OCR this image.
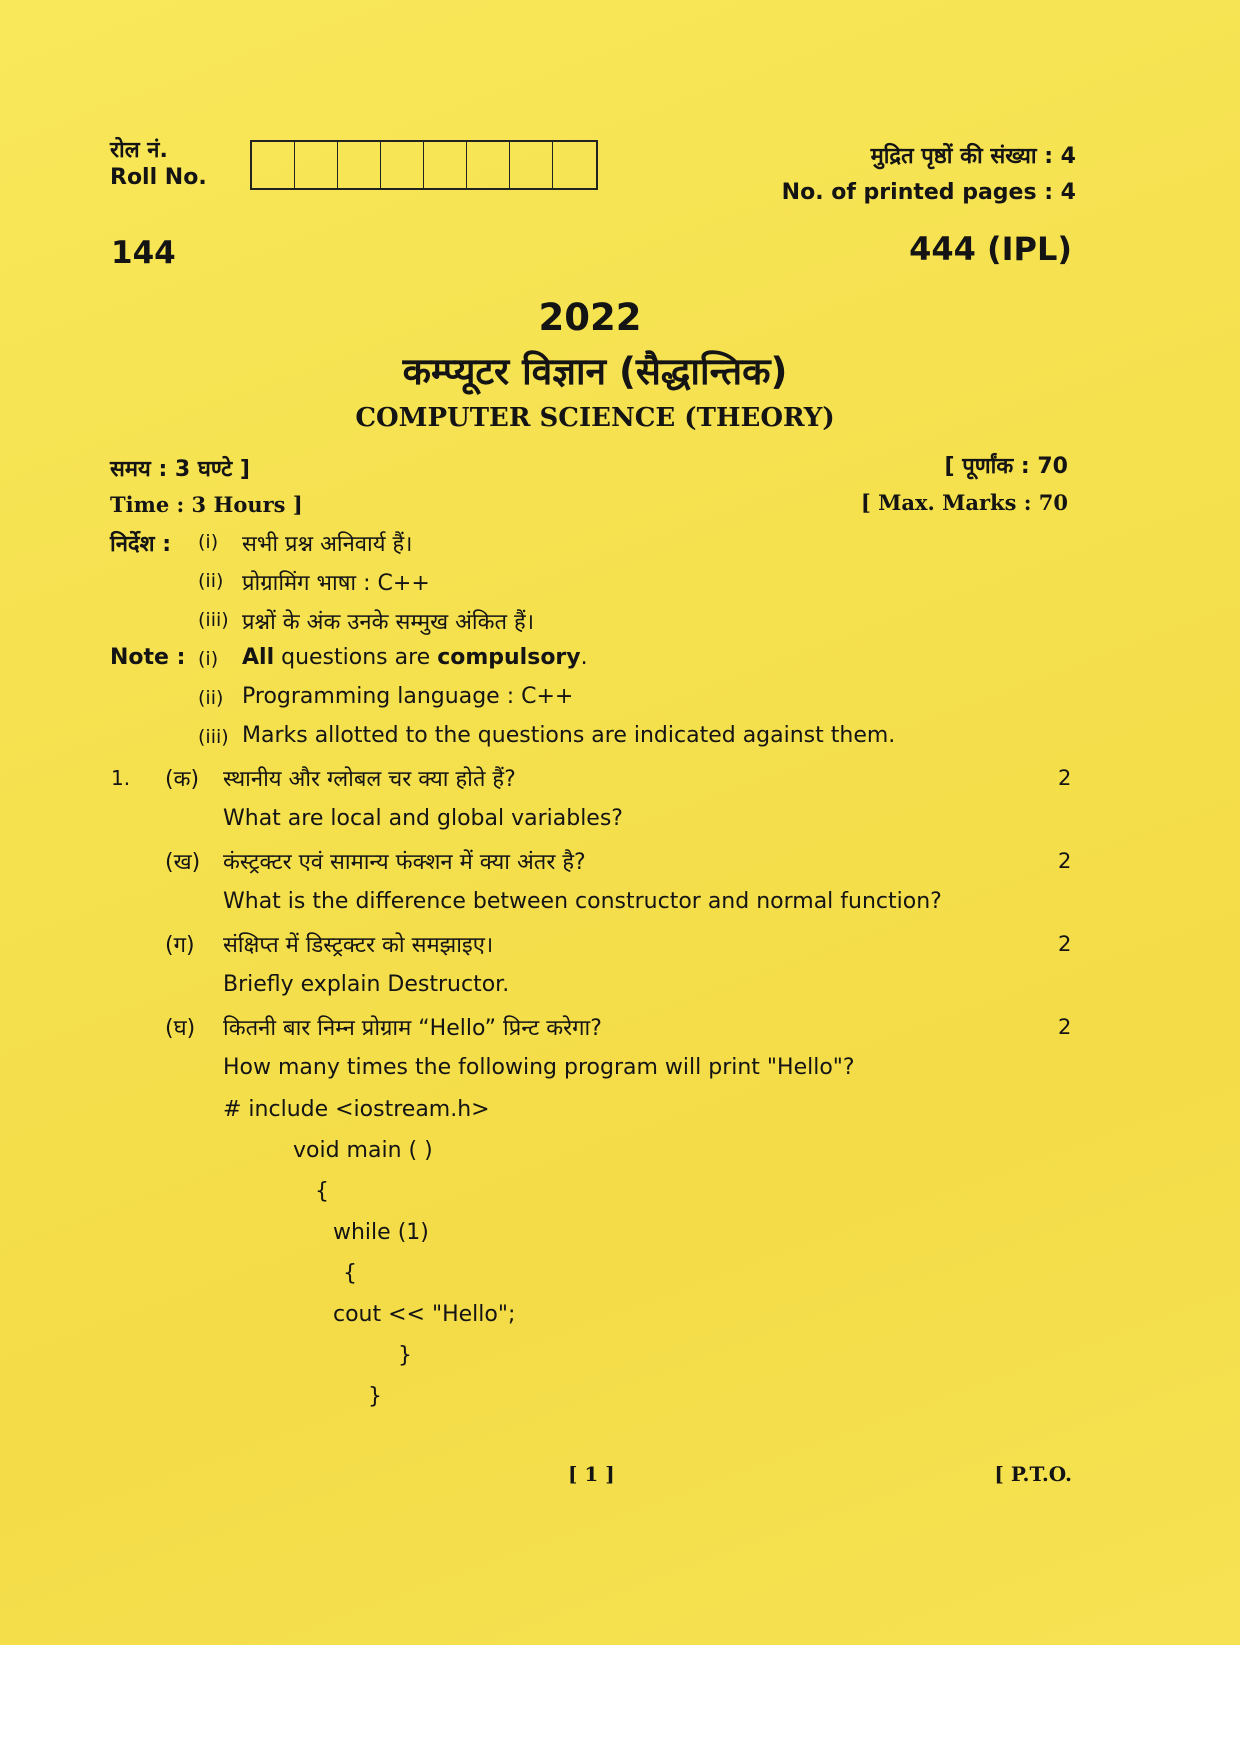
रोल नं.
Roll No.
मुद्रित पृष्ठों की संख्या : 4
No. of printed pages : 4
144	444 (IPL)
2022
कम्प्यूटर विज्ञान (सैद्धान्तिक)
COMPUTER SCIENCE (THEORY)
समय : 3 घण्टे ]
Time : 3 Hours ]
[ पूर्णांक : 70
[ Max. Marks : 70
निर्देश : (i) सभी प्रश्न अनिवार्य हैं।
(ii) प्रोग्रामिंग भाषा : C++
(iii) प्रश्नों के अंक उनके सम्मुख अंकित हैं।
Note : (i) All questions are compulsory.
(ii) Programming language : C++
(iii) Marks allotted to the questions are indicated against them.
1. (क) स्थानीय और ग्लोबल चर क्या होते हैं?	2
What are local and global variables?
(ख) कंस्ट्रक्टर एवं सामान्य फंक्शन में क्या अंतर है?	2
What is the difference between constructor and normal function?
(ग) संक्षिप्त में डिस्ट्रक्टर को समझाइए।	2
Briefly explain Destructor.
(घ) कितनी बार निम्न प्रोग्राम “Hello” प्रिन्ट करेगा?	2
How many times the following program will print "Hello"?
# include <iostream.h>
void main ( )
{
while (1)
{
cout << "Hello";
}
}
[ 1 ]	[ P.T.O.
